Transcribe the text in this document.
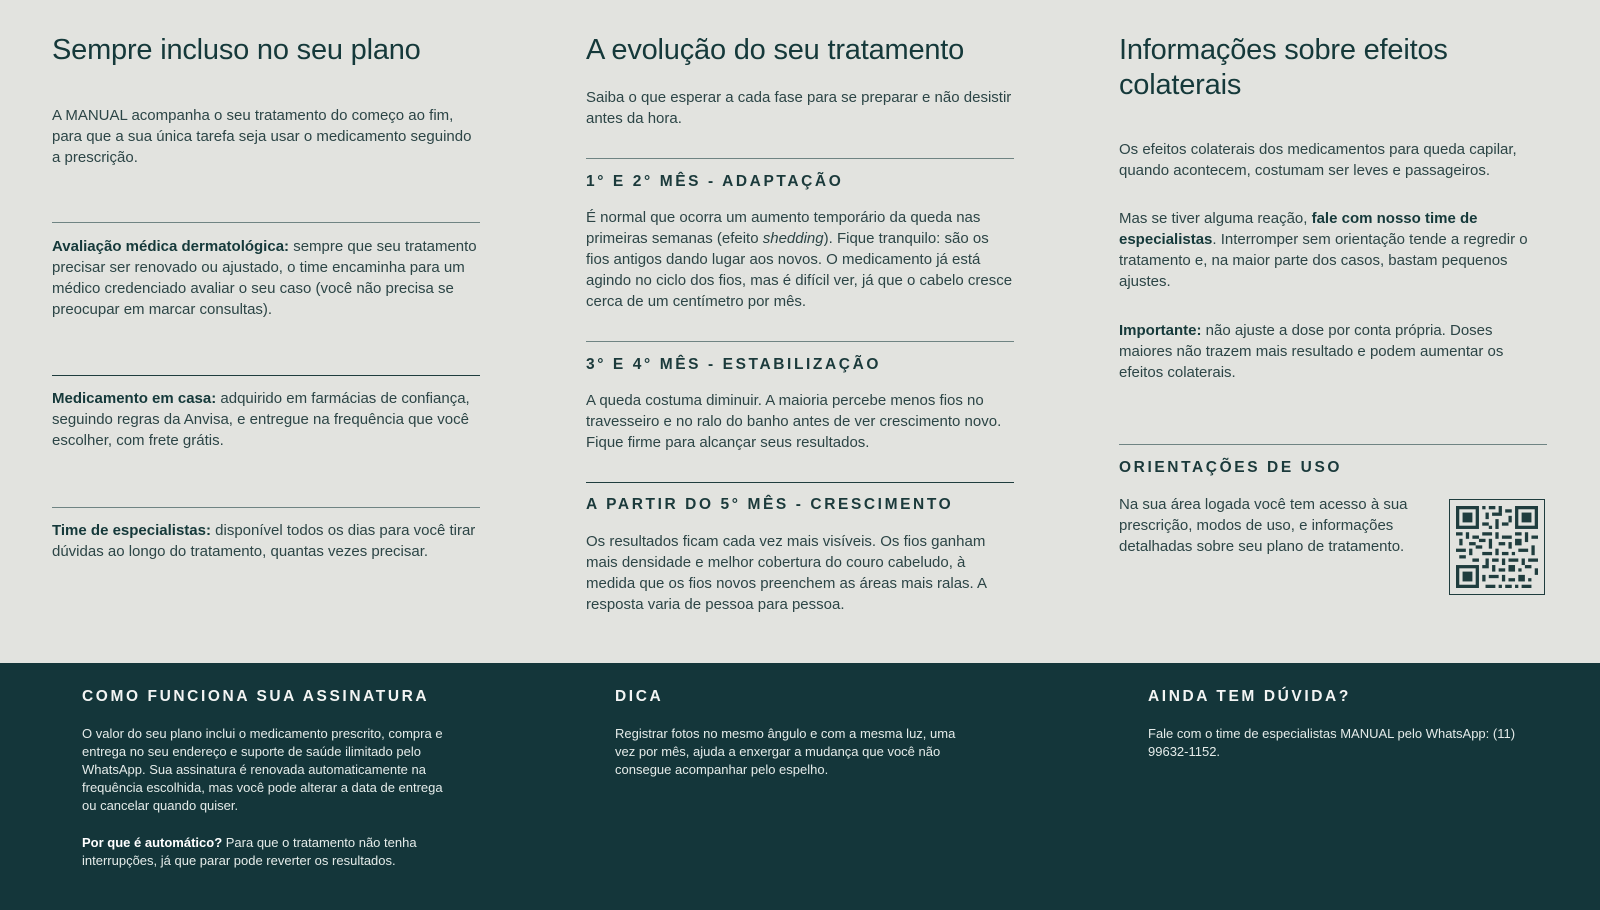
Sempre incluso no seu plano

A MANUAL acompanha o seu tratamento do começo ao fim, para que a sua única tarefa seja usar o medicamento seguindo a prescrição.

Avaliação médica dermatológica: sempre que seu tratamento precisar ser renovado ou ajustado, o time encaminha para um médico credenciado avaliar o seu caso (você não precisa se preocupar em marcar consultas).

Medicamento em casa: adquirido em farmácias de confiança, seguindo regras da Anvisa, e entregue na frequência que você escolher, com frete grátis.

Time de especialistas: disponível todos os dias para você tirar dúvidas ao longo do tratamento, quantas vezes precisar.

A evolução do seu tratamento

Saiba o que esperar a cada fase para se preparar e não desistir antes da hora.

1° E 2° MÊS - ADAPTAÇÃO

É normal que ocorra um aumento temporário da queda nas primeiras semanas (efeito shedding). Fique tranquilo: são os fios antigos dando lugar aos novos. O medicamento já está agindo no ciclo dos fios, mas é difícil ver, já que o cabelo cresce cerca de um centímetro por mês.

3° E 4° MÊS - ESTABILIZAÇÃO

A queda costuma diminuir. A maioria percebe menos fios no travesseiro e no ralo do banho antes de ver crescimento novo. Fique firme para alcançar seus resultados.

A PARTIR DO 5° MÊS - CRESCIMENTO

Os resultados ficam cada vez mais visíveis. Os fios ganham mais densidade e melhor cobertura do couro cabeludo, à medida que os fios novos preenchem as áreas mais ralas. A resposta varia de pessoa para pessoa.

Informações sobre efeitos colaterais

Os efeitos colaterais dos medicamentos para queda capilar, quando acontecem, costumam ser leves e passageiros.

Mas se tiver alguma reação, fale com nosso time de especialistas. Interromper sem orientação tende a regredir o tratamento e, na maior parte dos casos, bastam pequenos ajustes.

Importante: não ajuste a dose por conta própria. Doses maiores não trazem mais resultado e podem aumentar os efeitos colaterais.

ORIENTAÇÕES DE USO

Na sua área logada você tem acesso à sua prescrição, modos de uso, e informações detalhadas sobre seu plano de tratamento.

COMO FUNCIONA SUA ASSINATURA

O valor do seu plano inclui o medicamento prescrito, compra e entrega no seu endereço e suporte de saúde ilimitado pelo WhatsApp. Sua assinatura é renovada automaticamente na frequência escolhida, mas você pode alterar a data de entrega ou cancelar quando quiser.

Por que é automático? Para que o tratamento não tenha interrupções, já que parar pode reverter os resultados.

DICA

Registrar fotos no mesmo ângulo e com a mesma luz, uma vez por mês, ajuda a enxergar a mudança que você não consegue acompanhar pelo espelho.

AINDA TEM DÚVIDA?

Fale com o time de especialistas MANUAL pelo WhatsApp: (11) 99632-1152.
